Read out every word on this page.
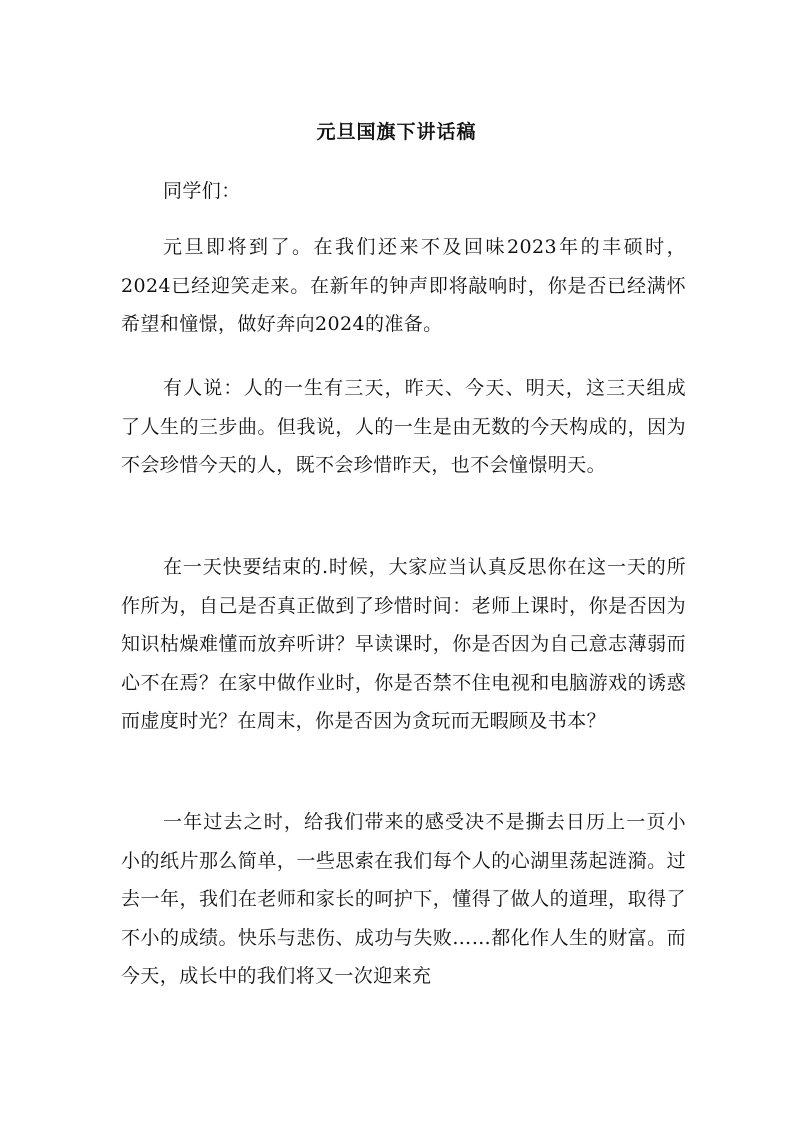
元旦国旗下讲话稿

同学们：

元旦即将到了。在我们还来不及回味2023年的丰硕时，2024已经迎笑走来。在新年的钟声即将敲响时，你是否已经满怀希望和憧憬，做好奔向2024的准备。

有人说：人的一生有三天，昨天、今天、明天，这三天组成了人生的三步曲。但我说，人的一生是由无数的今天构成的，因为不会珍惜今天的人，既不会珍惜昨天，也不会憧憬明天。

在一天快要结束的.时候，大家应当认真反思你在这一天的所作所为，自己是否真正做到了珍惜时间：老师上课时，你是否因为知识枯燥难懂而放弃听讲？早读课时，你是否因为自己意志薄弱而心不在焉？在家中做作业时，你是否禁不住电视和电脑游戏的诱惑而虚度时光？在周末，你是否因为贪玩而无暇顾及书本？

一年过去之时，给我们带来的感受决不是撕去日历上一页小小的纸片那么简单，一些思索在我们每个人的心湖里荡起涟漪。过去一年，我们在老师和家长的呵护下，懂得了做人的道理，取得了不小的成绩。快乐与悲伤、成功与失败……都化作人生的财富。而今天，成长中的我们将又一次迎来充
